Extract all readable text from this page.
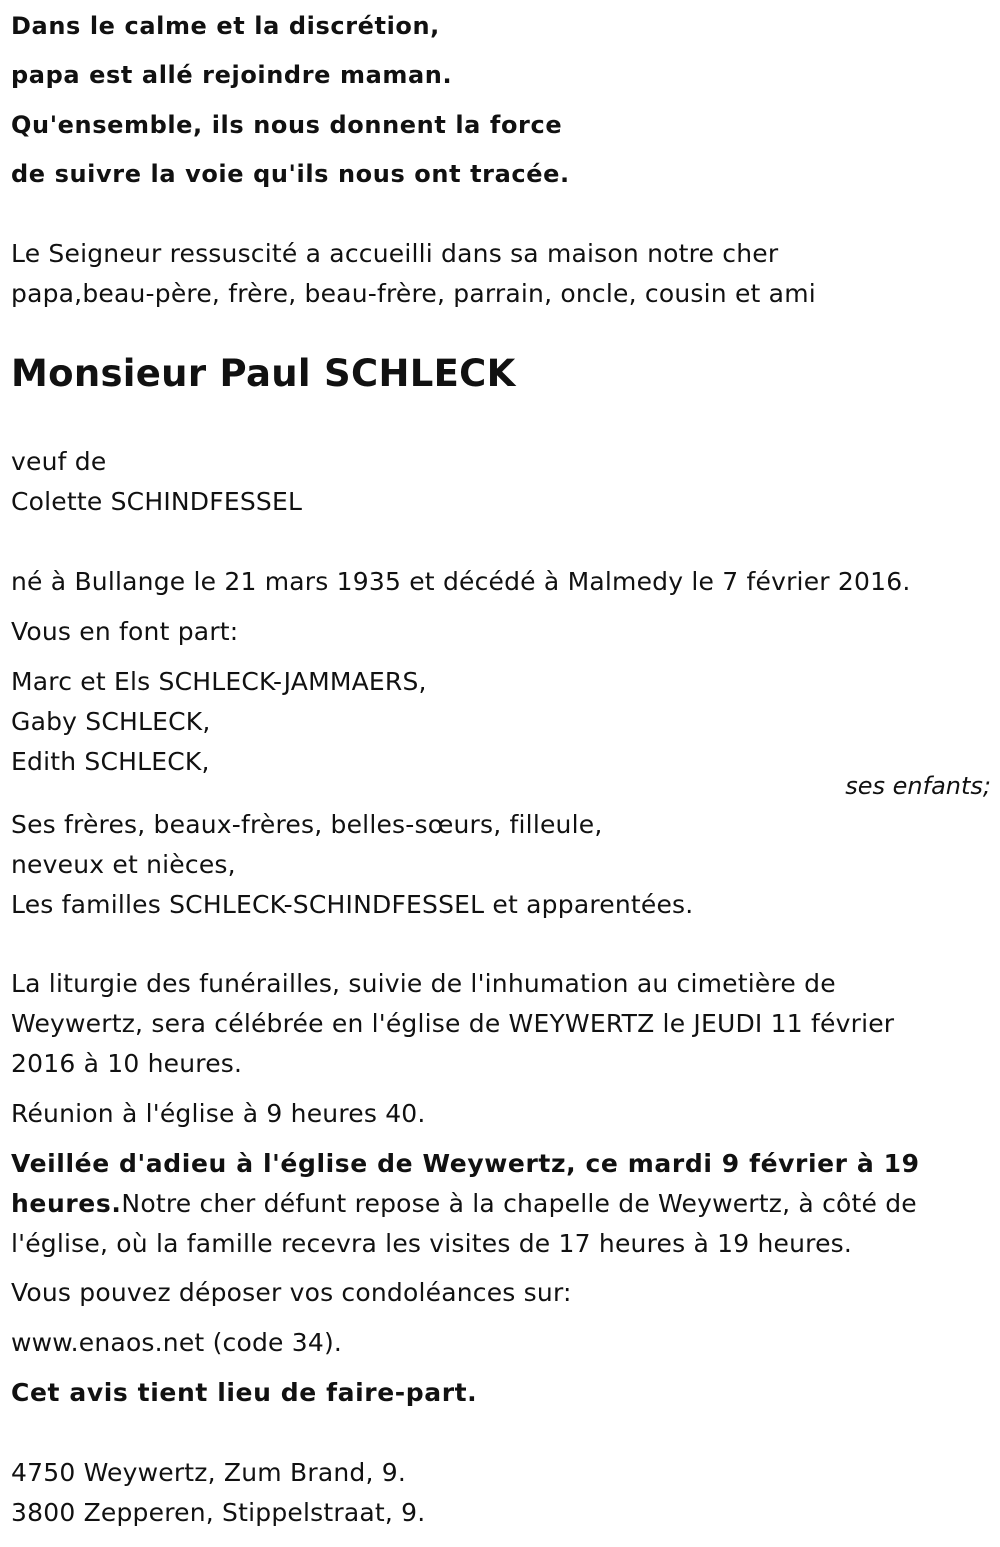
Dans le calme et la discrétion,
papa est allé rejoindre maman.
Qu'ensemble, ils nous donnent la force
de suivre la voie qu'ils nous ont tracée.
Le Seigneur ressuscité a accueilli dans sa maison notre cher
papa,beau-père, frère, beau-frère, parrain, oncle, cousin et ami
Monsieur Paul SCHLECK
veuf de
Colette SCHINDFESSEL
né à Bullange le 21 mars 1935 et décédé à Malmedy le 7 février 2016.
Vous en font part:
Marc et Els SCHLECK-JAMMAERS,
Gaby SCHLECK,
Edith SCHLECK,
ses enfants;
Ses frères, beaux-frères, belles-sœurs, filleule,
neveux et nièces,
Les familles SCHLECK-SCHINDFESSEL et apparentées.
La liturgie des funérailles, suivie de l'inhumation au cimetière de
Weywertz, sera célébrée en l'église de WEYWERTZ le JEUDI 11 février
2016 à 10 heures.
Réunion à l'église à 9 heures 40.
Veillée d'adieu à l'église de Weywertz, ce mardi 9 février à 19
heures.Notre cher défunt repose à la chapelle de Weywertz, à côté de
l'église, où la famille recevra les visites de 17 heures à 19 heures.
Vous pouvez déposer vos condoléances sur:
www.enaos.net (code 34).
Cet avis tient lieu de faire-part.
4750 Weywertz, Zum Brand, 9.
3800 Zepperen, Stippelstraat, 9.
